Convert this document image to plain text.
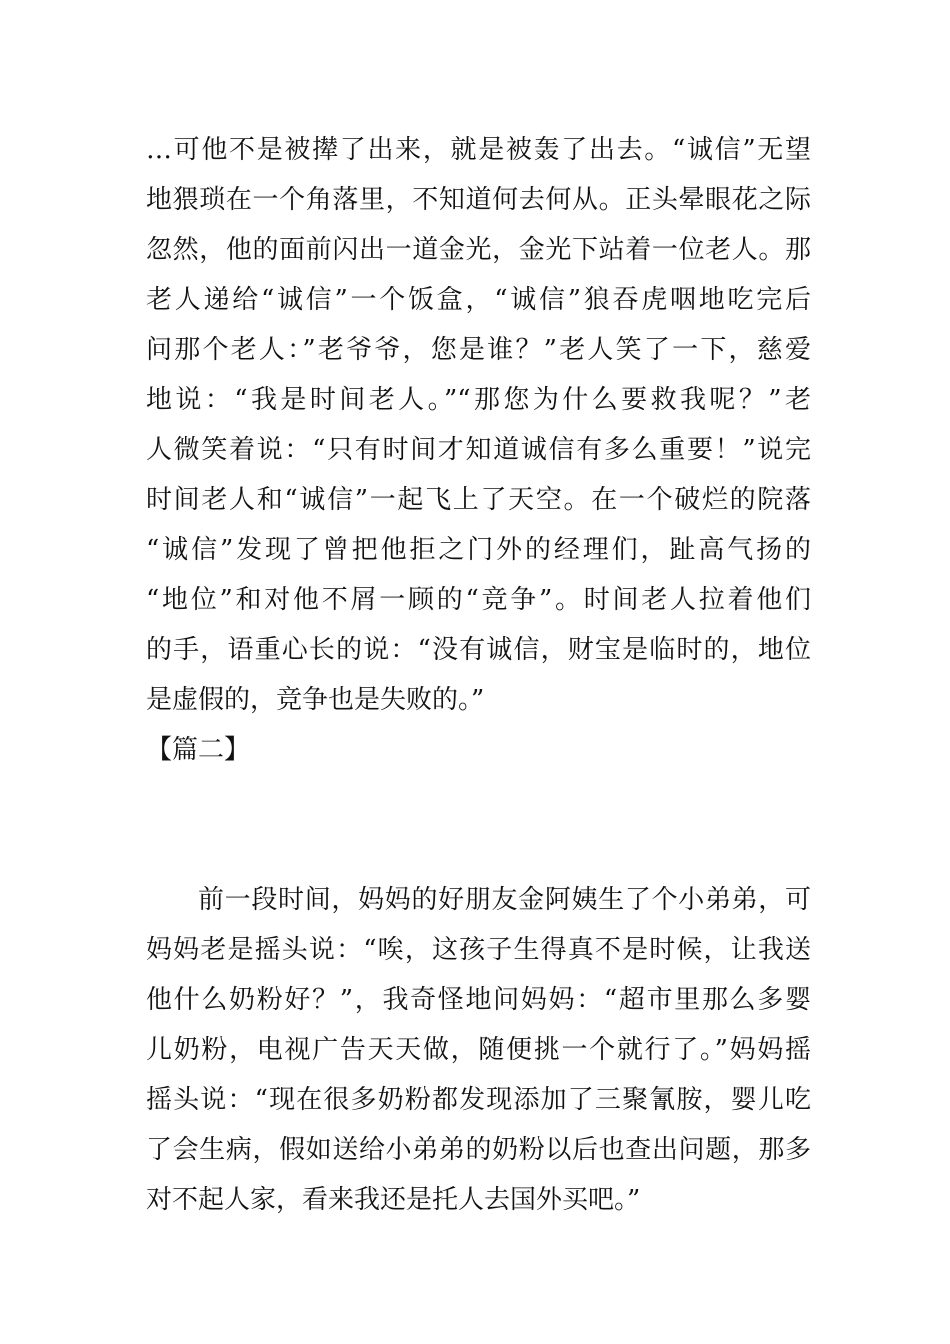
…可他不是被撵了出来，就是被轰了出去。“诚信”无望
地猥琐在一个角落里，不知道何去何从。正头晕眼花之际
忽然，他的面前闪出一道金光，金光下站着一位老人。那
老人递给“诚信”一个饭盒，“诚信”狼吞虎咽地吃完后
问那个老人：”老爷爷，您是谁？”老人笑了一下，慈爱
地说：“我是时间老人。”“那您为什么要救我呢？”老
人微笑着说：“只有时间才知道诚信有多么重要！”说完
时间老人和“诚信”一起飞上了天空。在一个破烂的院落
“诚信”发现了曾把他拒之门外的经理们，趾高气扬的
“地位”和对他不屑一顾的“竞争”。时间老人拉着他们
的手，语重心长的说：“没有诚信，财宝是临时的，地位
是虚假的，竞争也是失败的。”
【篇二】
前一段时间，妈妈的好朋友金阿姨生了个小弟弟，可
妈妈老是摇头说：“唉，这孩子生得真不是时候，让我送
他什么奶粉好？”，我奇怪地问妈妈：“超市里那么多婴
儿奶粉，电视广告天天做，随便挑一个就行了。”妈妈摇
摇头说：“现在很多奶粉都发现添加了三聚氰胺，婴儿吃
了会生病，假如送给小弟弟的奶粉以后也查出问题，那多
对不起人家，看来我还是托人去国外买吧。”
